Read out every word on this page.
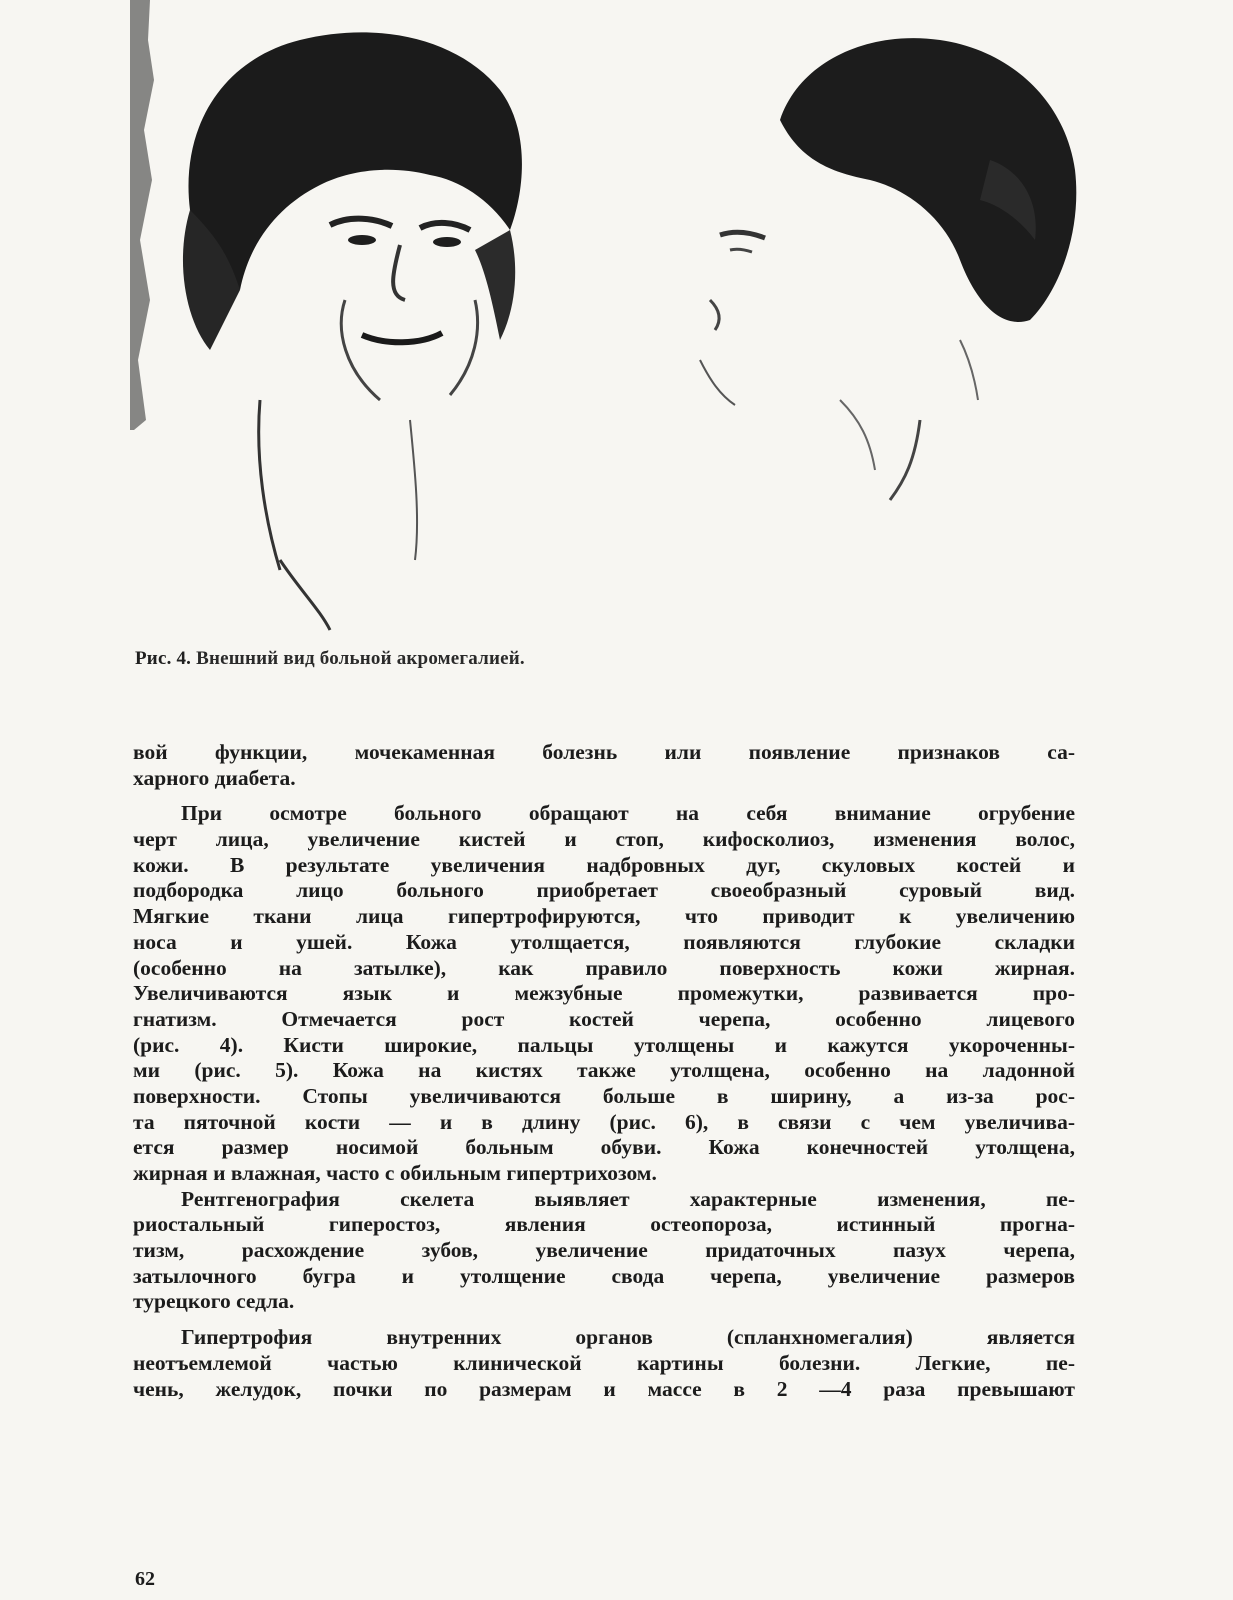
Рис. 4. Внешний вид больной акромегалией.
вой функции, мочекаменная болезнь или появление признаков са-
харного диабета.
При осмотре больного обращают на себя внимание огрубение
черт лица, увеличение кистей и стоп, кифосколиоз, изменения волос,
кожи. В результате увеличения надбровных дуг, скуловых костей и
подбородка лицо больного приобретает своеобразный суровый вид.
Мягкие ткани лица гипертрофируются, что приводит к увеличению
носа и ушей. Кожа утолщается, появляются глубокие складки
(особенно на затылке), как правило поверхность кожи жирная.
Увеличиваются язык и межзубные промежутки, развивается про-
гнатизм. Отмечается рост костей черепа, особенно лицевого
(рис. 4). Кисти широкие, пальцы утолщены и кажутся укороченны-
ми (рис. 5). Кожа на кистях также утолщена, особенно на ладонной
поверхности. Стопы увеличиваются больше в ширину, а из-за рос-
та пяточной кости — и в длину (рис. 6), в связи с чем увеличива-
ется размер носимой больным обуви. Кожа конечностей утолщена,
жирная и влажная, часто с обильным гипертрихозом.
Рентгенография скелета выявляет характерные изменения, пе-
риостальный гиперостоз, явления остеопороза, истинный прогна-
тизм, расхождение зубов, увеличение придаточных пазух черепа,
затылочного бугра и утолщение свода черепа, увеличение размеров
турецкого седла.
Гипертрофия внутренних органов (спланхномегалия) является
неотъемлемой частью клинической картины болезни. Легкие, пе-
чень, желудок, почки по размерам и массе в 2 —4 раза превышают
62
